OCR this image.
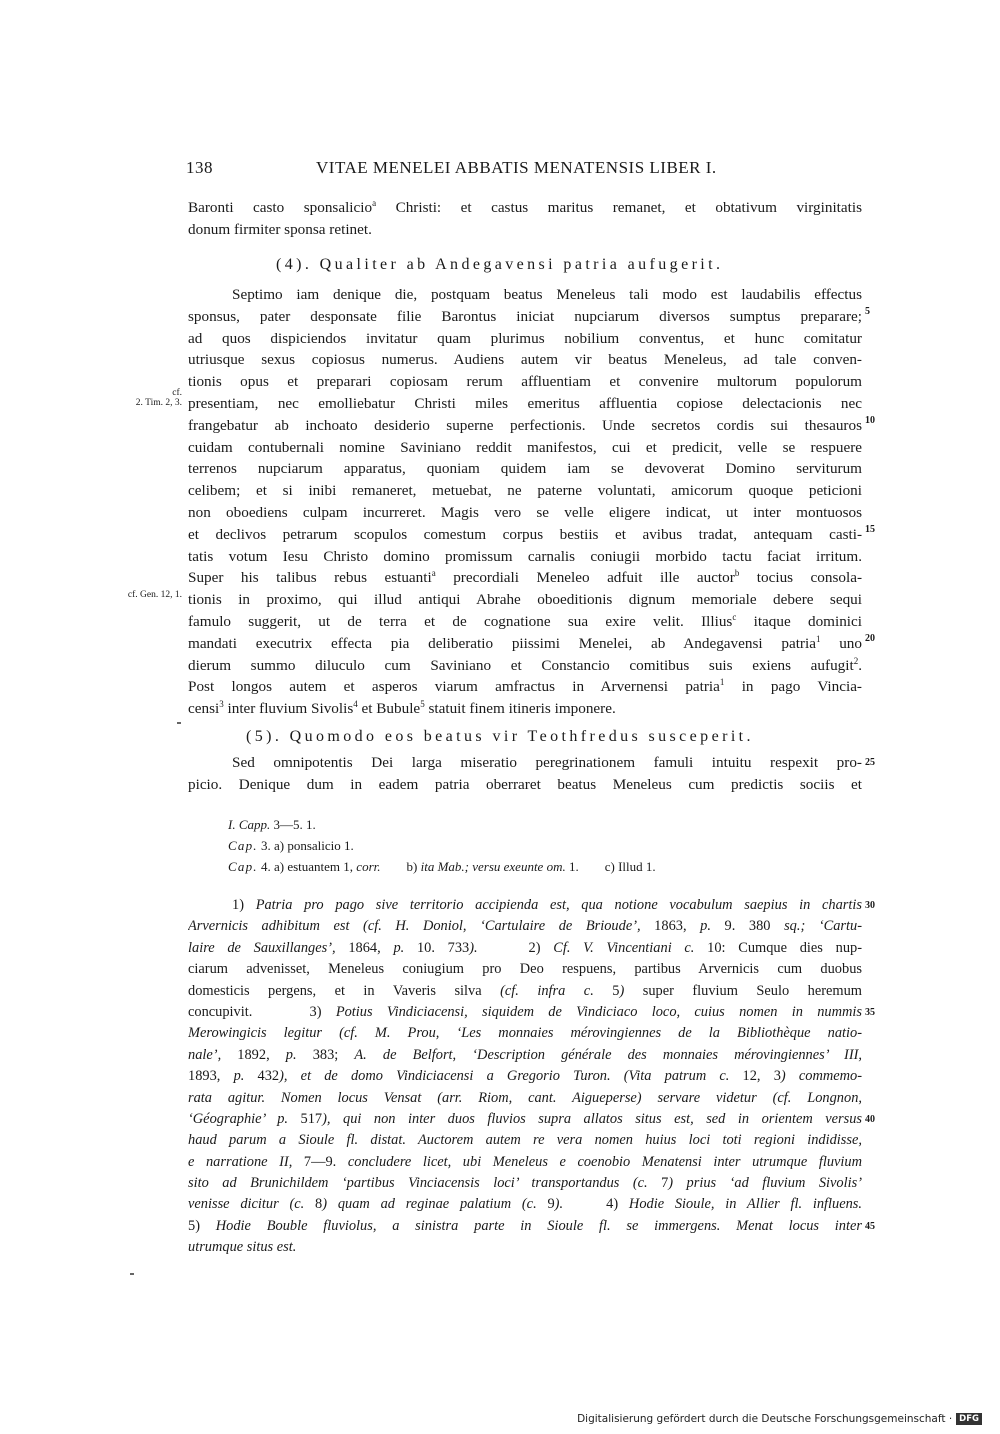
138	VITAE MENELEI ABBATIS MENATENSIS LIBER I.
Baronti casto sponsalicio$^a$ Christi: et castus maritus remanet, et obtativum virginitatis
donum firmiter sponsa retinet.
(4). Qualiter ab Andegavensi patria aufugerit.
Septimo iam denique die, postquam beatus Meneleus tali modo est laudabilis effectus
sponsus, pater desponsate filie Barontus iniciat nupciarum diversos sumptus preparare;
ad quos dispiciendos invitatur quam plurimus nobilium conventus, et hunc comitatur
utriusque sexus copiosus numerus. Audiens autem vir beatus Meneleus, ad tale conven-
tionis opus et preparari copiosam rerum affluentiam et convenire multorum populorum
presentiam, nec emolliebatur Christi miles emeritus affluentia copiose delectacionis nec
frangebatur ab inchoato desiderio superne perfectionis. Unde secretos cordis sui thesauros
cuidam contubernali nomine Saviniano reddit manifestos, cui et predicit, velle se respuere
terrenos nupciarum apparatus, quoniam quidem iam se devoverat Domino serviturum
celibem; et si inibi remaneret, metuebat, ne paterne voluntati, amicorum quoque peticioni
non oboediens culpam incurreret. Magis vero se velle eligere indicat, ut inter montuosos
et declivos petrarum scopulos comestum corpus bestiis et avibus tradat, antequam casti-
tatis votum Iesu Christo domino promissum carnalis coniugii morbido tactu faciat irritum.
Super his talibus rebus estuanti$^a$ precordiali Meneleo adfuit ille auctor$^b$ tocius consola-
tionis in proximo, qui illud antiqui Abrahe oboeditionis dignum memoriale debere sequi
famulo suggerit, ut de terra et de cognatione sua exire velit. Illius$^c$ itaque dominici
mandati executrix effecta pia deliberatio piissimi Menelei, ab Andegavensi patria$^1$ uno
dierum summo diluculo cum Saviniano et Constancio comitibus suis exiens aufugit$^2$.
Post longos autem et asperos viarum amfractus in Arvernensi patria$^1$ in pago Vincia-
censi$^3$ inter fluvium Sivolis$^4$ et Bubule$^5$ statuit finem itineris imponere.
(5). Quomodo eos beatus vir Teothfredus susceperit.
Sed omnipotentis Dei larga miseratio peregrinationem famuli intuitu respexit pro-
picio. Denique dum in eadem patria oberraret beatus Meneleus cum predictis sociis et
5
10
15
20
25
30
35
40
45
cf.
2. Tim. 2, 3.
cf. Gen. 12, 1.
I. Capp. 3—5. 1.
Cap. 3. a) ponsalicio 1.
Cap. 4. a) estuantem 1, corr.        b) ita Mab.; versu exeunte om. 1.        c) Illud 1.
1) Patria pro pago sive territorio accipienda est, qua notione vocabulum saepius in chartis
Arvernicis adhibitum est (cf. H. Doniol, ‘Cartulaire de Brioude’, 1863, p. 9. 380 sq.; ‘Cartu-
laire de Sauxillanges’, 1864, p. 10. 733).    2) Cf. V. Vincentiani c. 10: Cumque dies nup-
ciarum advenisset, Meneleus coniugium pro Deo respuens, partibus Arvernicis cum duobus
domesticis pergens, et in Vaveris silva (cf. infra c. 5) super fluvium Seulo heremum
concupivit.    3) Potius Vindiciacensi, siquidem de Vindiciaco loco, cuius nomen in nummis
Merowingicis legitur (cf. M. Prou, ‘Les monnaies mérovingiennes de la Bibliothèque natio-
nale’, 1892, p. 383; A. de Belfort, ‘Description générale des monnaies mérovingiennes’ III,
1893, p. 432), et de domo Vindiciacensi a Gregorio Turon. (Vita patrum c. 12, 3) commemo-
rata agitur. Nomen locus Vensat (arr. Riom, cant. Aigueperse) servare videtur (cf. Longnon,
‘Géographie’ p. 517), qui non inter duos fluvios supra allatos situs est, sed in orientem versus
haud parum a Sioule fl. distat. Auctorem autem re vera nomen huius loci toti regioni indidisse,
e narratione II, 7—9. concludere licet, ubi Meneleus e coenobio Menatensi inter utrumque fluvium
sito ad Brunichildem ‘partibus Vinciacensis loci’ transportandus (c. 7) prius ‘ad fluvium Sivolis’
venisse dicitur (c. 8) quam ad reginae palatium (c. 9).    4) Hodie Sioule, in Allier fl. influens.
5) Hodie Bouble fluviolus, a sinistra parte in Sioule fl. se immergens. Menat locus inter
utrumque situs est.
Digitalisierung gefördert durch die Deutsche Forschungsgemeinschaft · DFG
